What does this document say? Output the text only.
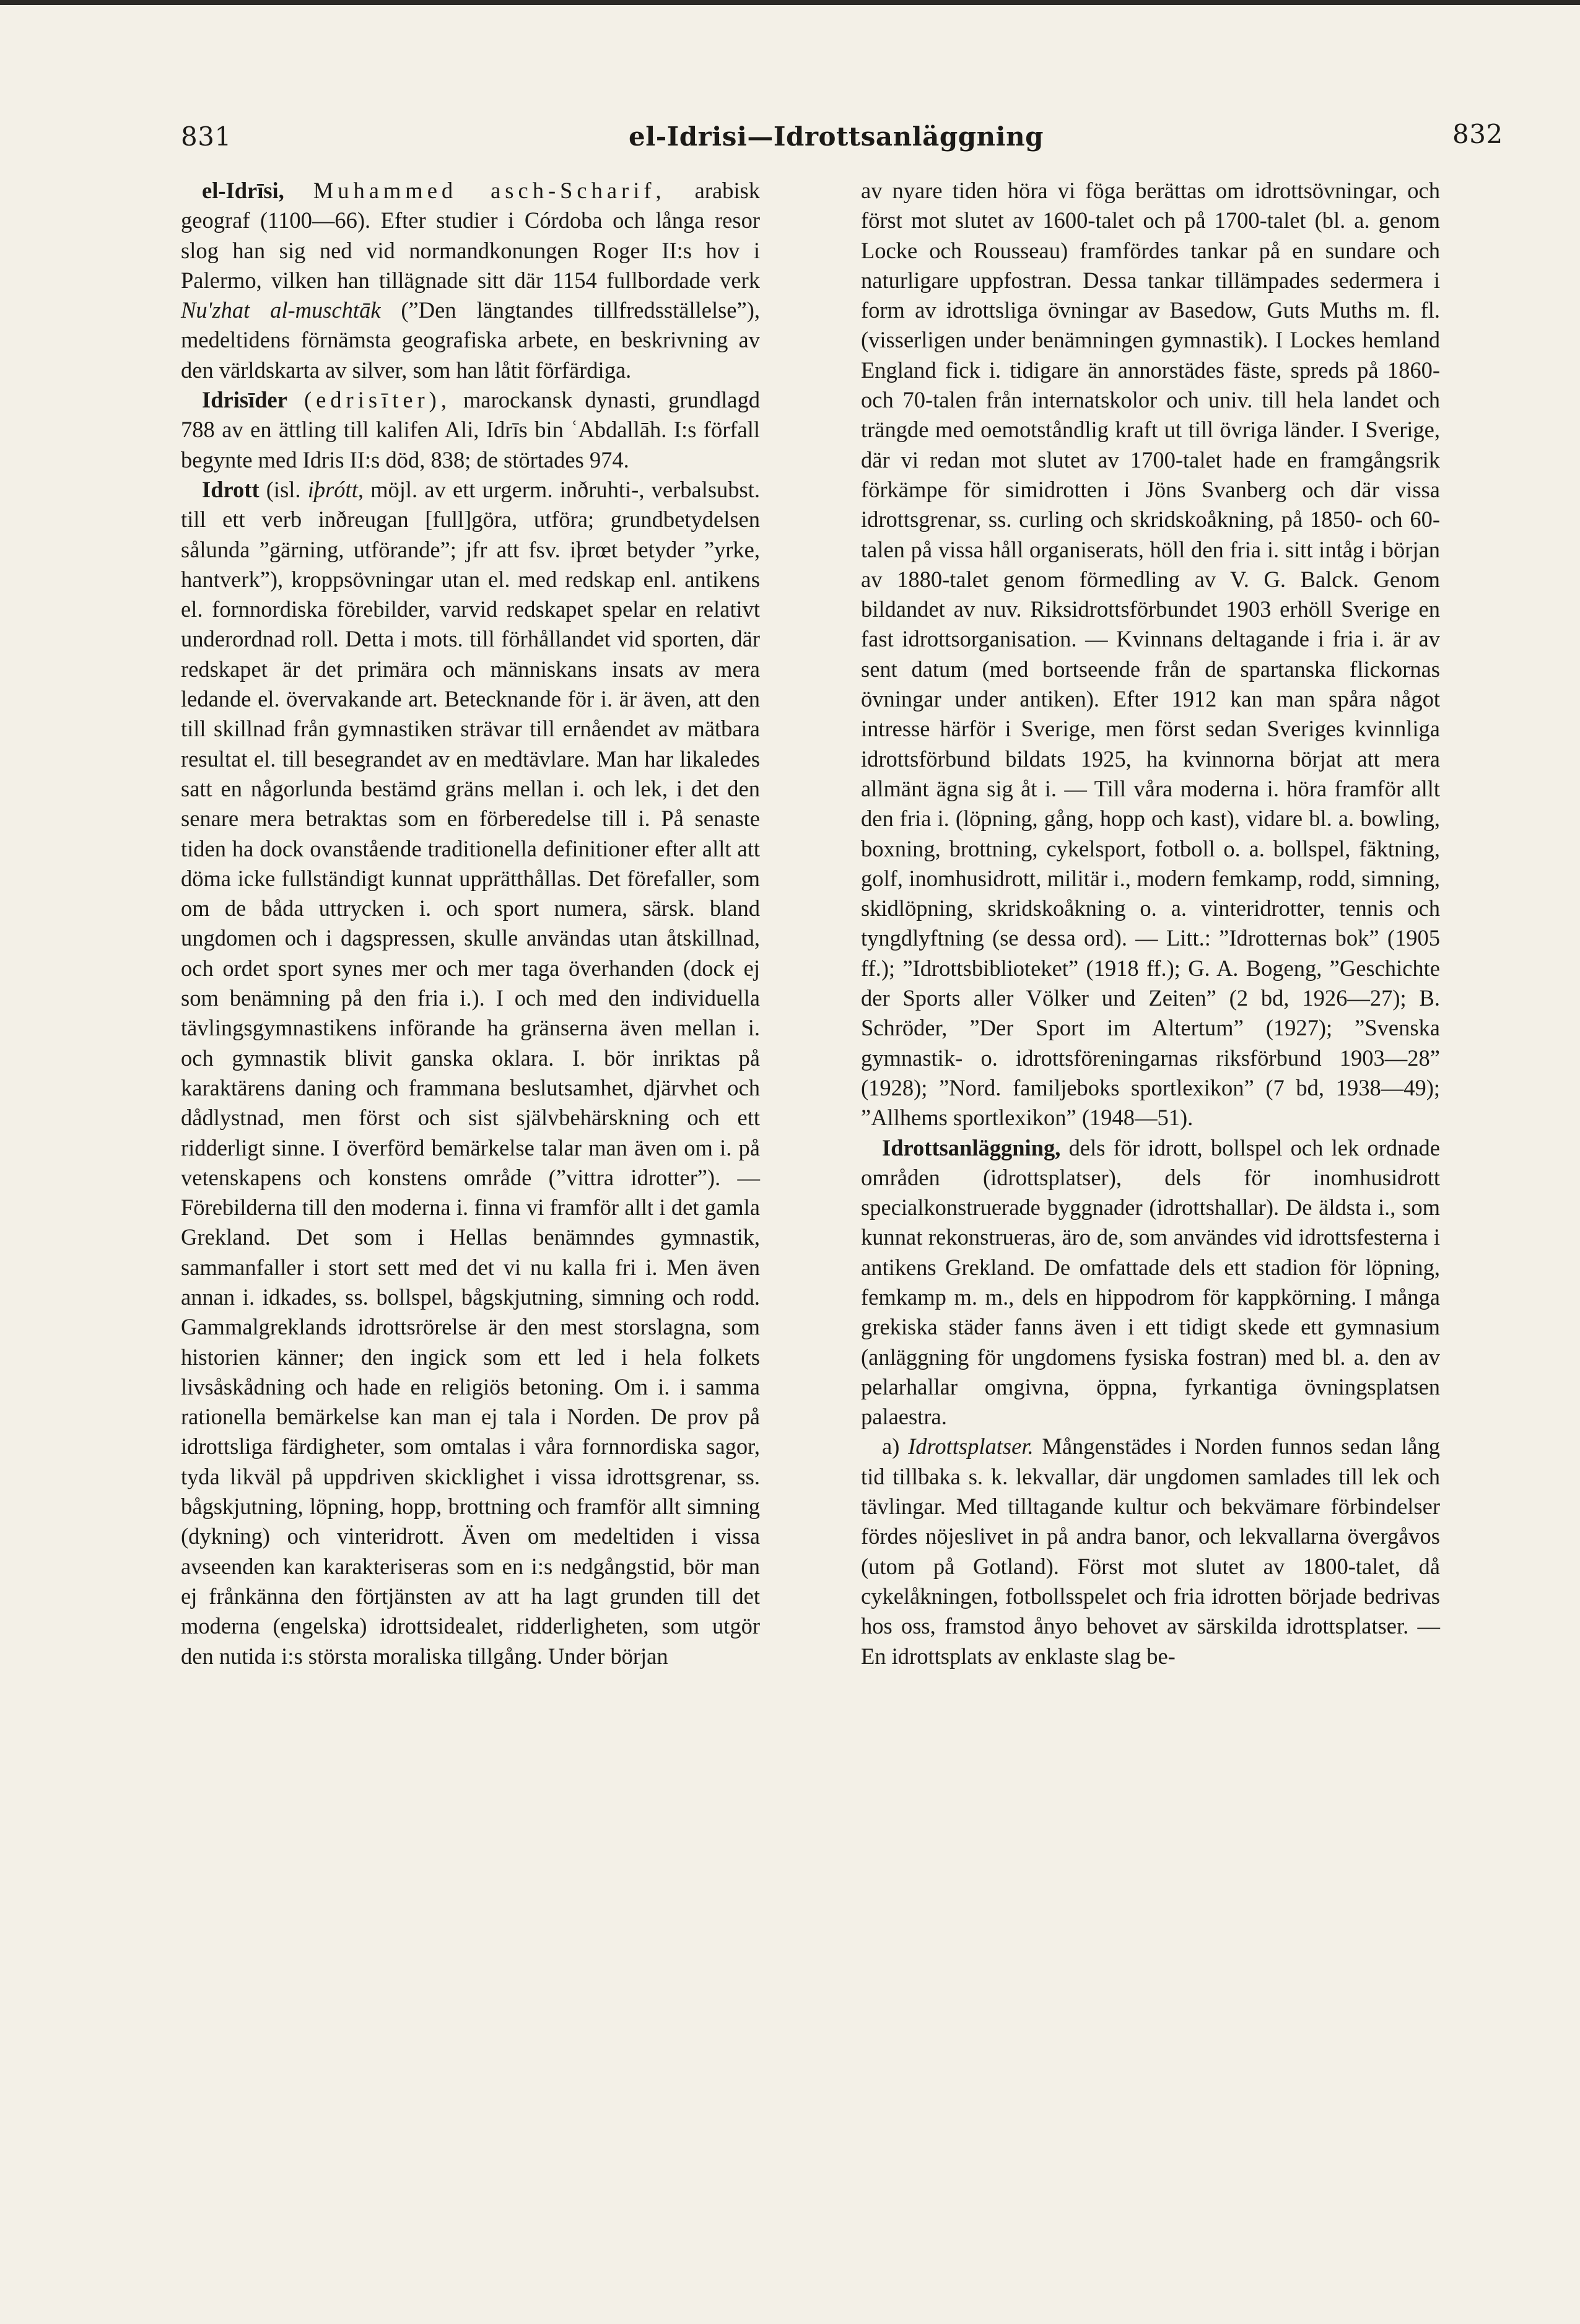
831	el-Idrisi—Idrottsanläggning	832

el-Idrīsi, Muhammed asch-Scharif, arabisk geograf (1100—66). Efter studier i Córdoba och långa resor slog han sig ned vid normandkonungen Roger II:s hov i Palermo, vilken han tillägnade sitt där 1154 fullbordade verk Nu'zhat al-muschtāk (”Den längtandes tillfredsställelse”), medeltidens förnämsta geografiska arbete, en beskrivning av den världskarta av silver, som han låtit förfärdiga.

Idrisīder (edrisīter), marockansk dynasti, grundlagd 788 av en ättling till kalifen Ali, Idrīs bin ʿAbdallāh. I:s förfall begynte med Idris II:s död, 838; de störtades 974.

Idrott (isl. iþrótt, möjl. av ett urgerm. inðruhti-, verbalsubst. till ett verb inðreugan [full]göra, utföra; grundbetydelsen sålunda ”gärning, utförande”; jfr att fsv. iþrœt betyder ”yrke, hantverk”), kroppsövningar utan el. med redskap enl. antikens el. fornnordiska förebilder, varvid redskapet spelar en relativt underordnad roll. Detta i mots. till förhållandet vid sporten, där redskapet är det primära och människans insats av mera ledande el. övervakande art. Betecknande för i. är även, att den till skillnad från gymnastiken strävar till ernåendet av mätbara resultat el. till besegrandet av en medtävlare. Man har likaledes satt en någorlunda bestämd gräns mellan i. och lek, i det den senare mera betraktas som en förberedelse till i. På senaste tiden ha dock ovanstående traditionella definitioner efter allt att döma icke fullständigt kunnat upprätthållas. Det förefaller, som om de båda uttrycken i. och sport numera, särsk. bland ungdomen och i dagspressen, skulle användas utan åtskillnad, och ordet sport synes mer och mer taga överhanden (dock ej som benämning på den fria i.). I och med den individuella tävlingsgymnastikens införande ha gränserna även mellan i. och gymnastik blivit ganska oklara. I. bör inriktas på karaktärens daning och frammana beslutsamhet, djärvhet och dådlystnad, men först och sist självbehärskning och ett ridderligt sinne. I överförd bemärkelse talar man även om i. på vetenskapens och konstens område (”vittra idrotter”). — Förebilderna till den moderna i. finna vi framför allt i det gamla Grekland. Det som i Hellas benämndes gymnastik, sammanfaller i stort sett med det vi nu kalla fri i. Men även annan i. idkades, ss. bollspel, bågskjutning, simning och rodd. Gammalgreklands idrottsrörelse är den mest storslagna, som historien känner; den ingick som ett led i hela folkets livsåskådning och hade en religiös betoning. Om i. i samma rationella bemärkelse kan man ej tala i Norden. De prov på idrottsliga färdigheter, som omtalas i våra fornnordiska sagor, tyda likväl på uppdriven skicklighet i vissa idrottsgrenar, ss. bågskjutning, löpning, hopp, brottning och framför allt simning (dykning) och vinteridrott. Även om medeltiden i vissa avseenden kan karakteriseras som en i:s nedgångstid, bör man ej frånkänna den förtjänsten av att ha lagt grunden till det moderna (engelska) idrottsidealet, ridderligheten, som utgör den nutida i:s största moraliska tillgång. Under början

av nyare tiden höra vi föga berättas om idrottsövningar, och först mot slutet av 1600-talet och på 1700-talet (bl. a. genom Locke och Rousseau) framfördes tankar på en sundare och naturligare uppfostran. Dessa tankar tillämpades sedermera i form av idrottsliga övningar av Basedow, Guts Muths m. fl. (visserligen under benämningen gymnastik). I Lockes hemland England fick i. tidigare än annorstädes fäste, spreds på 1860- och 70-talen från internatskolor och univ. till hela landet och trängde med oemotståndlig kraft ut till övriga länder. I Sverige, där vi redan mot slutet av 1700-talet hade en framgångsrik förkämpe för simidrotten i Jöns Svanberg och där vissa idrottsgrenar, ss. curling och skridskoåkning, på 1850- och 60-talen på vissa håll organiserats, höll den fria i. sitt intåg i början av 1880-talet genom förmedling av V. G. Balck. Genom bildandet av nuv. Riksidrottsförbundet 1903 erhöll Sverige en fast idrottsorganisation. — Kvinnans deltagande i fria i. är av sent datum (med bortseende från de spartanska flickornas övningar under antiken). Efter 1912 kan man spåra något intresse härför i Sverige, men först sedan Sveriges kvinnliga idrottsförbund bildats 1925, ha kvinnorna börjat att mera allmänt ägna sig åt i. — Till våra moderna i. höra framför allt den fria i. (löpning, gång, hopp och kast), vidare bl. a. bowling, boxning, brottning, cykelsport, fotboll o. a. bollspel, fäktning, golf, inomhusidrott, militär i., modern femkamp, rodd, simning, skidlöpning, skridskoåkning o. a. vinteridrotter, tennis och tyngdlyftning (se dessa ord). — Litt.: ”Idrotternas bok” (1905 ff.); ”Idrottsbiblioteket” (1918 ff.); G. A. Bogeng, ”Geschichte der Sports aller Völker und Zeiten” (2 bd, 1926—27); B. Schröder, ”Der Sport im Altertum” (1927); ”Svenska gymnastik- o. idrottsföreningarnas riksförbund 1903—28” (1928); ”Nord. familjeboks sportlexikon” (7 bd, 1938—49); ”Allhems sportlexikon” (1948—51).

Idrottsanläggning, dels för idrott, bollspel och lek ordnade områden (idrottsplatser), dels för inomhusidrott specialkonstruerade byggnader (idrottshallar). De äldsta i., som kunnat rekonstrueras, äro de, som användes vid idrottsfesterna i antikens Grekland. De omfattade dels ett stadion för löpning, femkamp m. m., dels en hippodrom för kappkörning. I många grekiska städer fanns även i ett tidigt skede ett gymnasium (anläggning för ungdomens fysiska fostran) med bl. a. den av pelarhallar omgivna, öppna, fyrkantiga övningsplatsen palaestra.

a) Idrottsplatser. Mångenstädes i Norden funnos sedan lång tid tillbaka s. k. lekvallar, där ungdomen samlades till lek och tävlingar. Med tilltagande kultur och bekvämare förbindelser fördes nöjeslivet in på andra banor, och lekvallarna övergåvos (utom på Gotland). Först mot slutet av 1800-talet, då cykelåkningen, fotbollsspelet och fria idrotten började bedrivas hos oss, framstod ånyo behovet av särskilda idrottsplatser. — En idrottsplats av enklaste slag be-
